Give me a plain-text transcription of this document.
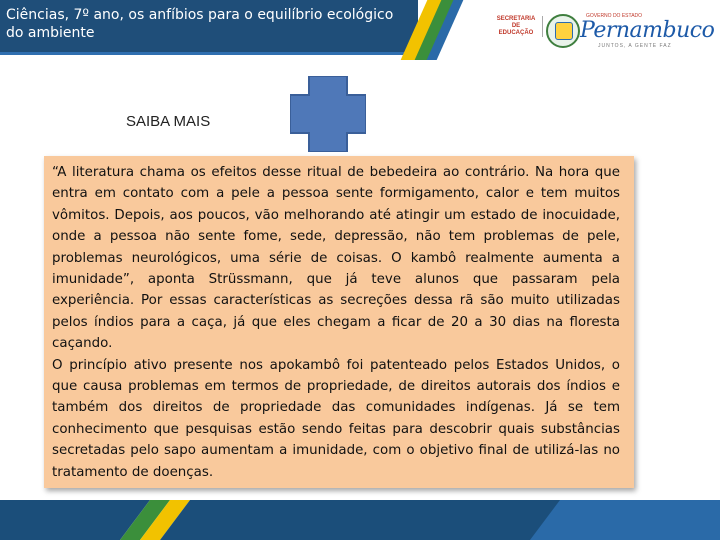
Ciências, 7º ano, os anfíbios para o equilíbrio ecológico do ambiente
SECRETARIA DE EDUCAÇÃO
GOVERNO DO ESTADO
Pernambuco
JUNTOS, A GENTE FAZ
SAIBA MAIS

“A literatura chama os efeitos desse ritual de bebedeira ao contrário. Na hora que entra em contato com a pele a pessoa sente formigamento, calor e tem muitos vômitos. Depois, aos poucos, vão melhorando até atingir um estado de inocuidade, onde a pessoa não sente fome, sede, depressão, não tem problemas de pele, problemas neurológicos, uma série de coisas. O kambô realmente aumenta a imunidade”, aponta Strüssmann, que já teve alunos que passaram pela experiência. Por essas características as secreções dessa rã são muito utilizadas pelos índios para a caça, já que eles chegam a ficar de 20 a 30 dias na floresta caçando.

O princípio ativo presente nos apokambô foi patenteado pelos Estados Unidos, o que causa problemas em termos de propriedade, de direitos autorais dos índios e também dos direitos de propriedade das comunidades indígenas. Já se tem conhecimento que pesquisas estão sendo feitas para descobrir quais substâncias secretadas pelo sapo aumentam a imunidade, com o objetivo final de utilizá-las no tratamento de doenças.
